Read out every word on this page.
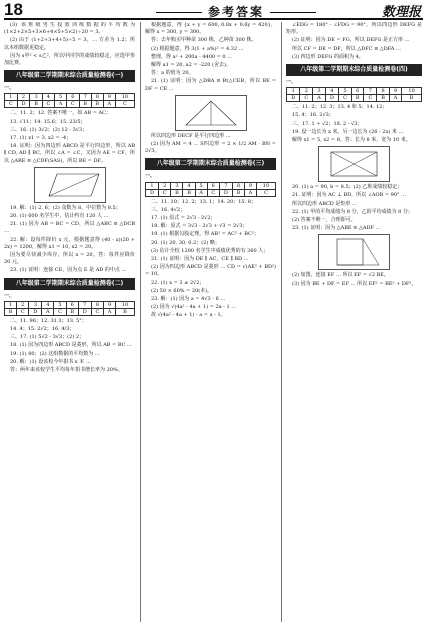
18	参考答案	数理报

(3) 该班级男生投篮训练数据的平均数为 (1×2+2×5+3×6+4×5+5×2)÷20 = 3。

(2) 由于 (1+2+3+4+5)÷5 = 3，… 方差为 1.2；所以本组数据更稳定。

因为 s甲² < s乙²，所以甲同学的成绩较稳定，应选甲参加比赛。

八年级第二学期期末综合质量检测卷(一)
一、
1	2	3	4	5	6	7	8	9	10
C	D	B	C	A	C	B	B	A	C

二、11. 2；12. 答案不唯一，如 AB = AC；

13. √11；14. 15.6；15. 23/5；

三、16. (1) 3√2；(2) 12 - 3√3；

17. (1) x1 = 3, x2 = -4；

18. 证明：因为四边形 ABCD 是平行四边形，所以 AB ∥ CD, AD ∥ BC，所以 ∠A = ∠C，又因为 AE = CF，所以 △ABE ≌ △CDF(SAS)，所以 BE = DF。

19. 解：(1) 2, 6；(2) 众数为 8，中位数为 8.5；

20. (1) 600 名学生中，估计约有 120 人 …

21. (1) 因为 AB = BC = CD，所以 △ABC ≌ △DCB …

22. 解：设每件降价 x 元，根据题意得 (40 - x)(20 + 2x) = 1200，解得 x1 = 10, x2 = 20。

因为要尽快减少库存，所以 x = 20。答：每件应降价 20 元。

23. (1) 证明：连接 CE，因为点 E 是 AD 的中点 …

八年级第二学期期末综合质量检测卷(二)
一、
1	2	3	4	5	6	7	8	9	10
B	C	D	A	C	B	D	C	A	B

二、11. 96；12. 31.3；13. 5°；

14. 4；15. 2√2；16. 4/3；

三、17. (1) 5√2 - 3√3；(2) 2；

18. (1) 因为四边形 ABCD 是菱形，所以 AB = BC …

19. (1) 80；(2) 这组数据的平均数为 …

20. 解：(1) 设该校今年捐书 x 本 …

答：两年来该校学生平均每年捐书增长率为 20%。

根据题意，得 {x + y = 600, 0.8x + 0.6y = 420}，解得 x = 300, y = 300。

答：去年购买甲种苗 300 株，乙种苗 300 株。

(2) 根据题意，得 3(1 + a%)² = 4.32 …

整理，得 a² + 200a - 4400 = 0 …

解得 a1 = 20, a2 = -220 (舍去)。

答：a 的值为 20。

21. (1) 证明：因为 △DBA ≅ Rt△CEB，所以 BE = DF = CE …

所以四边形 DECF 是平行四边形 …

(2) 因为 AM = 4 … S四边形 = 2 × 1/2 AM · BN = 2√3。

八年级第二学期期末综合质量检测卷(三)
一、
1	2	3	4	5	6	7	8	9	10
D	C	B	B	A	C	D	B	A	C

二、11. 10；12. 2；13. 1；14. 20；15. 8；

三、16. 4√2；

17. (1) 原式 = 2√3 - 2√2；

18. 解：原式 = 3√3 - 2√3 + √3 = 2√3；

19. (1) 根据勾股定理，得 AB² = AC² + BC²；

20. (1) 20, 30, 0.2；(2) 略；

(3) 估计全校 1200 名学生中成绩优秀的有 360 人；

21. (1) 证明：因为 DE ∥ AC，CE ∥ BD …

(2) 因为四边形 ABCD 是菱形 … CD = √(AE² + BD²) = 10。

22. (1) x = 3 ± 2√2；

(2) 50 × 60% = 20(本)。

23. 解：(1) 因为 a = 4√3 - 6 …

(2) 因为 √(4a² - 4a + 1) = 2a - 1 …

故 √(4a² - 4a + 1) - a = a - 1。

∠EDG = 180° - ∠FDG = 90°，所以四边形 DEFG 是矩形。

(2) 证明：因为 DE = FG，所以 DEFG 是正方形 …

所以 CF = DE = DF，所以 △DFC ≅ △DFA …

(3) 四边形 DEFG 的面积为 4。

八年级第二学期期末综合质量检测卷(四)
一、
1	2	3	4	5	6	7	8	9	10
D	C	A	D	C	B	C	B	A	B

二、11. 2；12. 3；13. 4 和 5；14. 12；

15. 4；16. 2√3；

三、17. 1 + √2；18. 2 - √3；

19. 设一边长为 x 米，另一边长为 (26 - 2x) 米 …

解得 x1 = 5, x2 = 8。答：长为 8 米，宽为 10 米。

20. (1) a = 90, b = 8.5；(2) 乙班成绩较稳定；

21. 证明：因为 AC ⊥ BD，所以 ∠AOB = 90° …

所以四边形 ABCD 是矩形 …

22. (1) 甲的平均成绩为 8 分，乙的平均成绩为 8 分；

(2) 答案不唯一，合理即可。

23. (1) 证明：因为 △ABE ≅ △ADF …

(2) 如图，连接 EF … 所以 EF = √2 BE。

(3) 因为 BE + DF = EF … 所以 EF² = BE² + DF²。
